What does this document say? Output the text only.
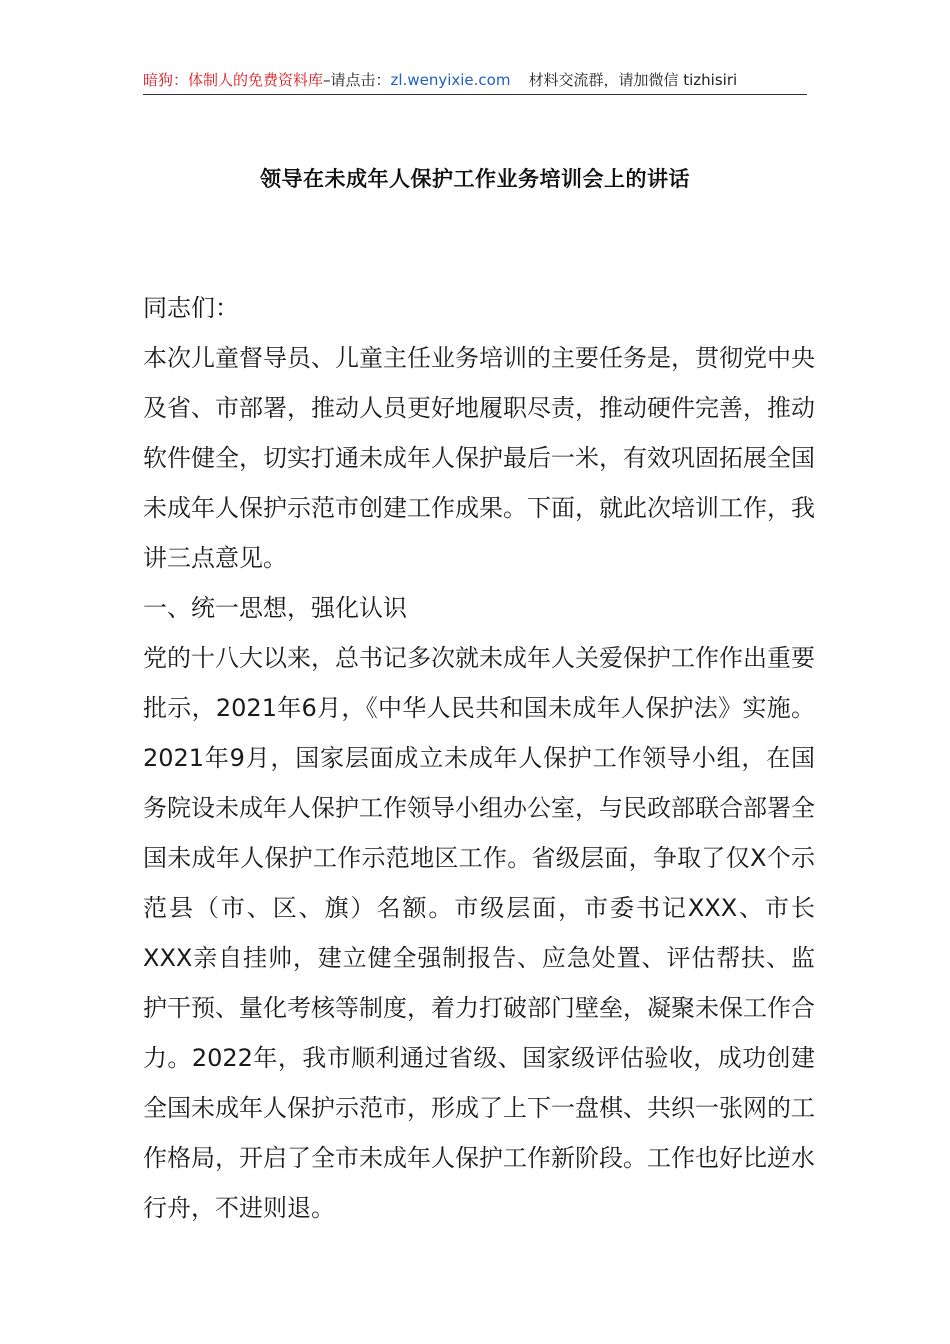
暗狗：体制人的免费资料库–请点击：zl.wenyixie.com 材料交流群，请加微信 tizhisiri
领导在未成年人保护工作业务培训会上的讲话

同志们：

本次儿童督导员、儿童主任业务培训的主要任务是，贯彻党中央及省、市部署，推动人员更好地履职尽责，推动硬件完善，推动软件健全，切实打通未成年人保护最后一米，有效巩固拓展全国未成年人保护示范市创建工作成果。下面，就此次培训工作，我讲三点意见。

一、统一思想，强化认识

党的十八大以来，总书记多次就未成年人关爱保护工作作出重要批示，2021年6月，《中华人民共和国未成年人保护法》实施。2021年9月，国家层面成立未成年人保护工作领导小组，在国务院设未成年人保护工作领导小组办公室，与民政部联合部署全国未成年人保护工作示范地区工作。省级层面，争取了仅X个示范县（市、区、旗）名额。市级层面，市委书记XXX、市长XXX亲自挂帅，建立健全强制报告、应急处置、评估帮扶、监护干预、量化考核等制度，着力打破部门壁垒，凝聚未保工作合力。2022年，我市顺利通过省级、国家级评估验收，成功创建全国未成年人保护示范市，形成了上下一盘棋、共织一张网的工作格局，开启了全市未成年人保护工作新阶段。工作也好比逆水行舟，不进则退。
